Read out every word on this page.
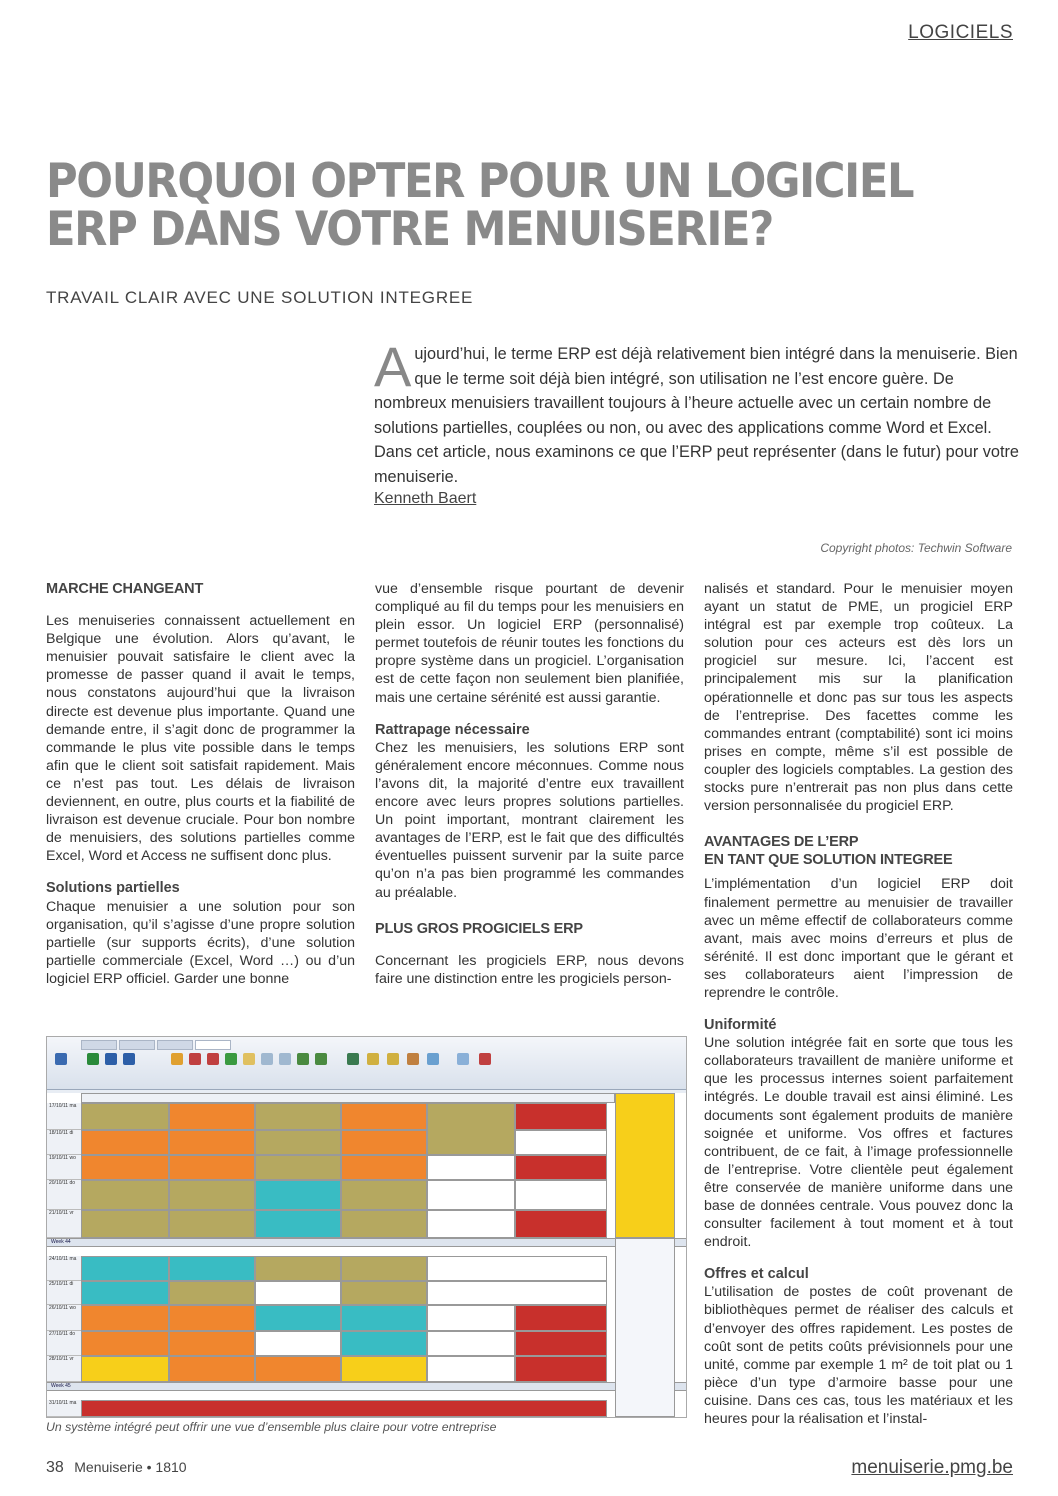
LOGICIELS
POURQUOI OPTER POUR UN LOGICIEL ERP DANS VOTRE MENUISERIE?
TRAVAIL CLAIR AVEC UNE SOLUTION INTEGREE
Aujourd’hui, le terme ERP est déjà relativement bien intégré dans la menuiserie. Bien que le terme soit déjà bien intégré, son utilisation ne l’est encore guère. De nombreux menuisiers travaillent toujours à l’heure actuelle avec un certain nombre de solutions partielles, couplées ou non, ou avec des applications comme Word et Excel. Dans cet article, nous examinons ce que l’ERP peut représenter (dans le futur) pour votre menuiserie.
Kenneth Baert
Copyright photos: Techwin Software
MARCHE CHANGEANT

Les menuiseries connaissent actuellement en Belgique une évolution. Alors qu’avant, le menuisier pouvait satisfaire le client avec la promesse de passer quand il avait le temps, nous constatons aujourd’hui que la livraison directe est devenue plus importante. Quand une demande entre, il s’agit donc de programmer la commande le plus vite possible dans le temps afin que le client soit satisfait rapidement. Mais ce n’est pas tout. Les délais de livraison deviennent, en outre, plus courts et la fiabilité de livraison est devenue cruciale. Pour bon nombre de menuisiers, des solutions partielles comme Excel, Word et Access ne suffisent donc plus.

Solutions partielles

Chaque menuisier a une solution pour son organisation, qu’il s’agisse d’une propre solution partielle (sur supports écrits), d’une solution partielle commerciale (Excel, Word …) ou d’un logiciel ERP officiel. Garder une bonne

vue d’ensemble risque pourtant de devenir compliqué au fil du temps pour les menuisiers en plein essor. Un logiciel ERP (personnalisé) permet toutefois de réunir toutes les fonctions du propre système dans un progiciel. L’organisation est de cette façon non seulement bien planifiée, mais une certaine sérénité est aussi garantie.

Rattrapage nécessaire

Chez les menuisiers, les solutions ERP sont généralement encore méconnues. Comme nous l’avons dit, la majorité d’entre eux travaillent encore avec leurs propres solutions partielles. Un point important, montrant clairement les avantages de l’ERP, est le fait que des difficultés éventuelles puissent survenir par la suite parce qu’on n’a pas bien programmé les commandes au préalable.

PLUS GROS PROGICIELS ERP

Concernant les progiciels ERP, nous devons faire une distinction entre les progiciels person-

nalisés et standard. Pour le menuisier moyen ayant un statut de PME, un progiciel ERP intégral est par exemple trop coûteux. La solution pour ces acteurs est dès lors un progiciel sur mesure. Ici, l’accent est principalement mis sur la planification opérationnelle et donc pas sur tous les aspects de l’entreprise. Des facettes comme les commandes entrant (comptabilité) sont ici moins prises en compte, même s’il est possible de coupler des logiciels comptables. La gestion des stocks pure n’entrerait pas non plus dans cette version personnalisée du progiciel ERP.

AVANTAGES DE L’ERP
EN TANT QUE SOLUTION INTEGREE

L’implémentation d’un logiciel ERP doit finalement permettre au menuisier de travailler avec un même effectif de collaborateurs comme avant, mais avec moins d’erreurs et plus de sérénité. Il est donc important que le gérant et ses collaborateurs aient l’impression de reprendre le contrôle.

Uniformité

Une solution intégrée fait en sorte que tous les collaborateurs travaillent de manière uniforme et que les processus internes soient parfaitement intégrés. Le double travail est ainsi éliminé. Les documents sont également produits de manière soignée et uniforme. Vos offres et factures contribuent, de ce fait, à l’image professionnelle de l’entreprise. Votre clientèle peut également être conservée de manière uniforme dans une base de données centrale. Vous pouvez donc la consulter facilement à tout moment et à tout endroit.

Offres et calcul

L’utilisation de postes de coût provenant de bibliothèques permet de réaliser des calculs et d’envoyer des offres rapidement. Les postes de coût sont de petits coûts prévisionnels pour une unité, comme par exemple 1 m² de toit plat ou 1 pièce d’un type d’armoire basse pour une cuisine. Dans ces cas, tous les matériaux et les heures pour la réalisation et l’instal-

17/10/11 ma
18/10/11 di
19/10/11 wo
20/10/11 do
21/10/11 vr
Week 44
24/10/11 ma
25/10/11 di
26/10/11 wo
27/10/11 do
28/10/11 vr
Week 45
31/10/11 ma
Un système intégré peut offrir une vue d’ensemble plus claire pour votre entreprise
38 Menuiserie • 1810	menuiserie.pmg.be
